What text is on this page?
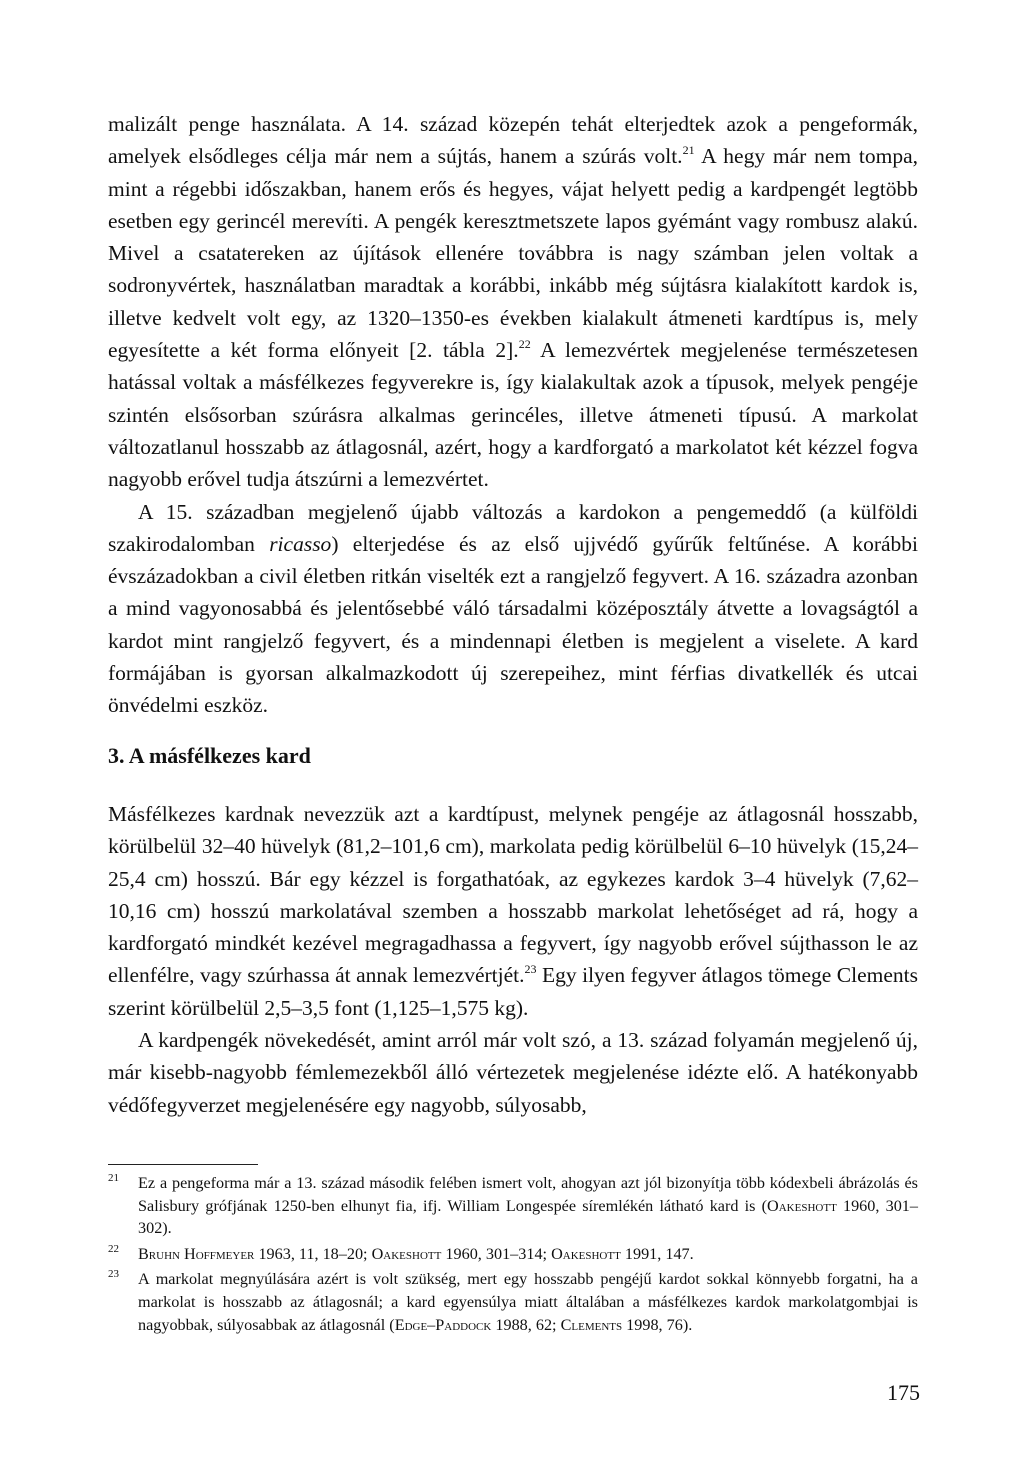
malizált penge használata. A 14. század közepén tehát elterjedtek azok a pengeformák, amelyek elsődleges célja már nem a sújtás, hanem a szúrás volt.$^{21}$ A hegy már nem tompa, mint a régebbi időszakban, hanem erős és hegyes, vájat helyett pedig a kardpengét legtöbb esetben egy gerincél merevíti. A pengék keresztmetszete lapos gyémánt vagy rombusz alakú. Mivel a csatatereken az újítások ellenére továbbra is nagy számban jelen voltak a sodronyvértek, használatban maradtak a korábbi, inkább még sújtásra kialakított kardok is, illetve kedvelt volt egy, az 1320–1350-es években kialakult átmeneti kardtípus is, mely egyesítette a két forma előnyeit [2. tábla 2].$^{22}$ A lemezvértek megjelenése természetesen hatással voltak a másfélkezes fegyverekre is, így kialakultak azok a típusok, melyek pengéje szintén elsősorban szúrásra alkalmas gerincéles, illetve átmeneti típusú. A markolat változatlanul hosszabb az átlagosnál, azért, hogy a kardforgató a markolatot két kézzel fogva nagyobb erővel tudja átszúrni a lemezvértet.

A 15. században megjelenő újabb változás a kardokon a pengemeddő (a külföldi szakirodalomban ricasso) elterjedése és az első ujjvédő gyűrűk feltűnése. A korábbi évszázadokban a civil életben ritkán viselték ezt a rangjelző fegyvert. A 16. századra azonban a mind vagyonosabbá és jelentősebbé váló társadalmi középosztály átvette a lovagságtól a kardot mint rangjelző fegyvert, és a mindennapi életben is megjelent a viselete. A kard formájában is gyorsan alkalmazkodott új szerepeihez, mint férfias divatkellék és utcai önvédelmi eszköz.

3. A másfélkezes kard

Másfélkezes kardnak nevezzük azt a kardtípust, melynek pengéje az átlagosnál hosszabb, körülbelül 32–40 hüvelyk (81,2–101,6 cm), markolata pedig körülbelül 6–10 hüvelyk (15,24–25,4 cm) hosszú. Bár egy kézzel is forgathatóak, az egykezes kardok 3–4 hüvelyk (7,62–10,16 cm) hosszú markolatával szemben a hosszabb markolat lehetőséget ad rá, hogy a kardforgató mindkét kezével megragadhassa a fegyvert, így nagyobb erővel sújthasson le az ellenfélre, vagy szúrhassa át annak lemezvértjét.$^{23}$ Egy ilyen fegyver átlagos tömege Clements szerint körülbelül 2,5–3,5 font (1,125–1,575 kg).

A kardpengék növekedését, amint arról már volt szó, a 13. század folyamán megjelenő új, már kisebb-nagyobb fémlemezekből álló vértezetek megjelenése idézte elő. A hatékonyabb védőfegyverzet megjelenésére egy nagyobb, súlyosabb,

21 Ez a pengeforma már a 13. század második felében ismert volt, ahogyan azt jól bizonyítja több kódexbeli ábrázolás és Salisbury grófjának 1250-ben elhunyt fia, ifj. William Longespée síremlékén látható kard is (Oakeshott 1960, 301–302).

22 Bruhn Hoffmeyer 1963, 11, 18–20; Oakeshott 1960, 301–314; Oakeshott 1991, 147.

23 A markolat megnyúlására azért is volt szükség, mert egy hosszabb pengéjű kardot sokkal könnyebb forgatni, ha a markolat is hosszabb az átlagosnál; a kard egyensúlya miatt általában a másfélkezes kardok markolatgombjai is nagyobbak, súlyosabbak az átlagosnál (Edge–Paddock 1988, 62; Clements 1998, 76).

175
